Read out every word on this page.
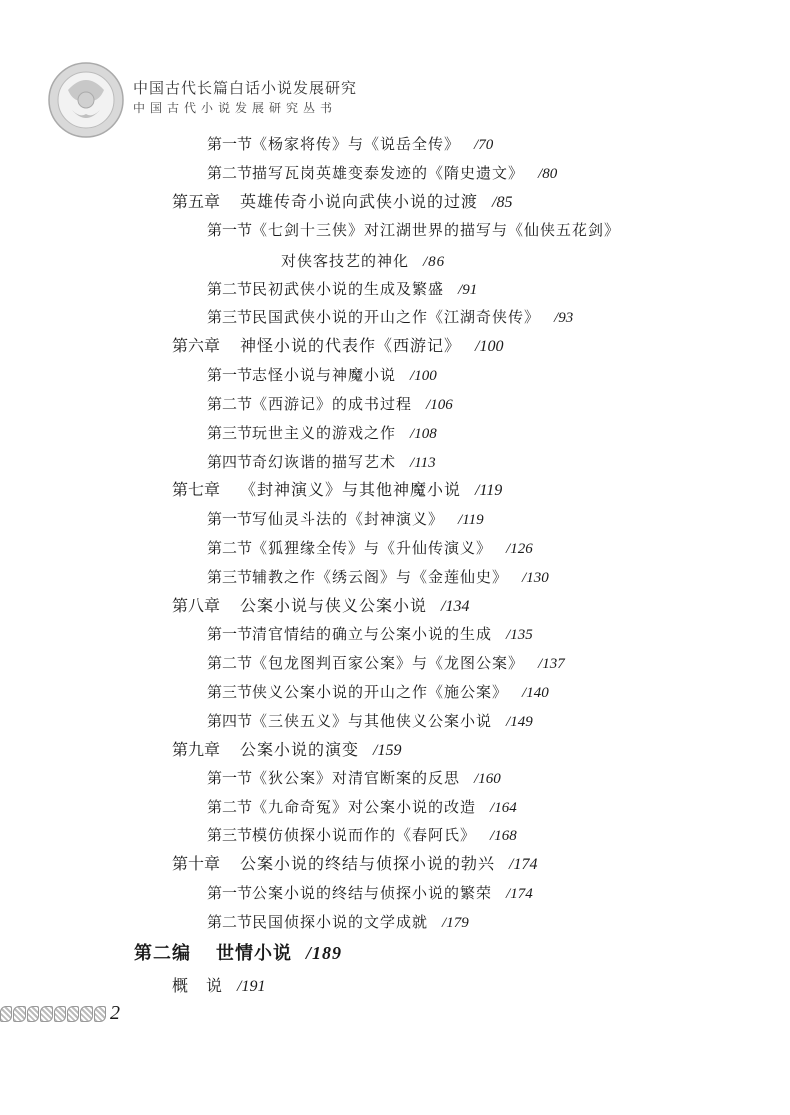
中国古代长篇白话小说发展研究
中国古代小说发展研究丛书
第一节《杨家将传》与《说岳全传》 /70
第二节描写瓦岗英雄变泰发迹的《隋史遗文》 /80
第五章 英雄传奇小说向武侠小说的过渡 /85
第一节《七剑十三侠》对江湖世界的描写与《仙侠五花剑》
对侠客技艺的神化 /86
第二节民初武侠小说的生成及繁盛 /91
第三节民国武侠小说的开山之作《江湖奇侠传》 /93
第六章 神怪小说的代表作《西游记》 /100
第一节志怪小说与神魔小说 /100
第二节《西游记》的成书过程 /106
第三节玩世主义的游戏之作 /108
第四节奇幻诙谐的描写艺术 /113
第七章 《封神演义》与其他神魔小说 /119
第一节写仙灵斗法的《封神演义》 /119
第二节《狐狸缘全传》与《升仙传演义》 /126
第三节辅教之作《绣云阁》与《金莲仙史》 /130
第八章 公案小说与侠义公案小说 /134
第一节清官情结的确立与公案小说的生成 /135
第二节《包龙图判百家公案》与《龙图公案》 /137
第三节侠义公案小说的开山之作《施公案》 /140
第四节《三侠五义》与其他侠义公案小说 /149
第九章 公案小说的演变 /159
第一节《狄公案》对清官断案的反思 /160
第二节《九命奇冤》对公案小说的改造 /164
第三节模仿侦探小说而作的《春阿氏》 /168
第十章 公案小说的终结与侦探小说的勃兴 /174
第一节公案小说的终结与侦探小说的繁荣 /174
第二节民国侦探小说的文学成就 /179
第二编 世情小说 /189
概　说 /191
2
